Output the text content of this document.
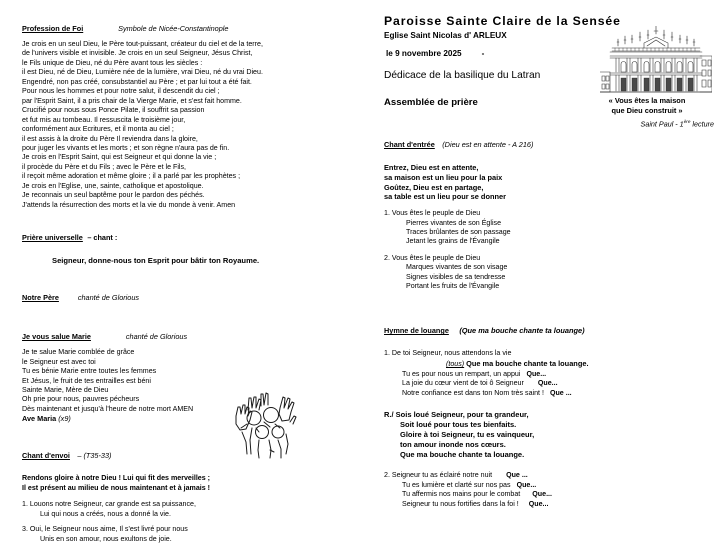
Profession de Foi	Symbole de Nicée-Constantinople

Je crois en un seul Dieu, le Père tout-puissant, créateur du ciel et de la terre,
de l'univers visible et invisible. Je crois en un seul Seigneur, Jésus Christ,
le Fils unique de Dieu, né du Père avant tous les siècles :
il est Dieu, né de Dieu, Lumière née de la lumière, vrai Dieu, né du vrai Dieu.
Engendré, non pas créé, consubstantiel au Père ; et par lui tout a été fait.
Pour nous les hommes et pour notre salut, il descendit du ciel ;
par l'Esprit Saint, il a pris chair de la Vierge Marie, et s'est fait homme.
Crucifié pour nous sous Ponce Pilate, il souffrit sa passion
et fut mis au tombeau. Il ressuscita le troisième jour,
conformément aux Ecritures, et il monta au ciel ;
il est assis à la droite du Père Il reviendra dans la gloire,
pour juger les vivants et les morts ; et son règne n'aura pas de fin.
Je crois en l'Esprit Saint, qui est Seigneur et qui donne la vie ;
il procède du Père et du Fils ; avec le Père et le Fils,
il reçoit même adoration et même gloire ; il a parlé par les prophètes ;
Je crois en l'Eglise, une, sainte, catholique et apostolique.
Je reconnais un seul baptême pour le pardon des péchés.
J'attends la résurrection des morts et la vie du monde à venir. Amen

Prière universelle – chant :

Seigneur, donne-nous ton Esprit pour bâtir ton Royaume.

Notre Père	chanté de Glorious
Je vous salue Marie	chanté de Glorious

Je te salue Marie comblée de grâce
le Seigneur est avec toi
Tu es bénie Marie entre toutes les femmes
Et Jésus, le fruit de tes entrailles est béni
Sainte Marie, Mère de Dieu
Oh prie pour nous, pauvres pécheurs
Dès maintenant et jusqu'à l'heure de notre mort AMEN

Ave Maria (x9)

Chant d'envoi – (T35-33)

Rendons gloire à notre Dieu ! Lui qui fit des merveilles ;
Il est présent au milieu de nous maintenant et à jamais !

1. Louons notre Seigneur, car grande est sa puissance,
Lui qui nous a créés, nous a donné la vie.

3. Oui, le Seigneur nous aime, Il s'est livré pour nous
Unis en son amour, nous exultons de joie.

Paroisse Sainte Claire de la Sensée
Eglise Saint Nicolas d' ARLEUX
le 9 novembre 2025 -
Dédicace de la basilique du Latran
Assemblée de prière
Chant d'entrée (Dieu est en attente - A 216)

Entrez, Dieu est en attente,
sa maison est un lieu pour la paix
Goûtez, Dieu est en partage,
sa table est un lieu pour se donner

1. Vous êtes le peuple de Dieu
Pierres vivantes de son Église
Traces brûlantes de son passage
Jetant les grains de l'Évangile

2. Vous êtes le peuple de Dieu
Marques vivantes de son visage
Signes visibles de sa tendresse
Portant les fruits de l'Évangile

Hymne de louange (Que ma bouche chante ta louange)
1. De toi Seigneur, nous attendons la vie
(tous) Que ma bouche chante ta louange.
Tu es pour nous un rempart, un appui Que...
La joie du cœur vient de toi ô Seigneur Que...
Notre confiance est dans ton Nom très saint ! Que ...

R./ Sois loué Seigneur, pour ta grandeur,
Soit loué pour tous tes bienfaits.
Gloire à toi Seigneur, tu es vainqueur,
ton amour inonde nos cœurs.
Que ma bouche chante ta louange.

2. Seigneur tu as éclairé notre nuit Que ...
Tu es lumière et clarté sur nos pas Que...
Tu affermis nos mains pour le combat Que...
Seigneur tu nous fortifies dans la foi ! Que...
« Vous êtes la maison
que Dieu construit »
Saint Paul - 1ère lecture
